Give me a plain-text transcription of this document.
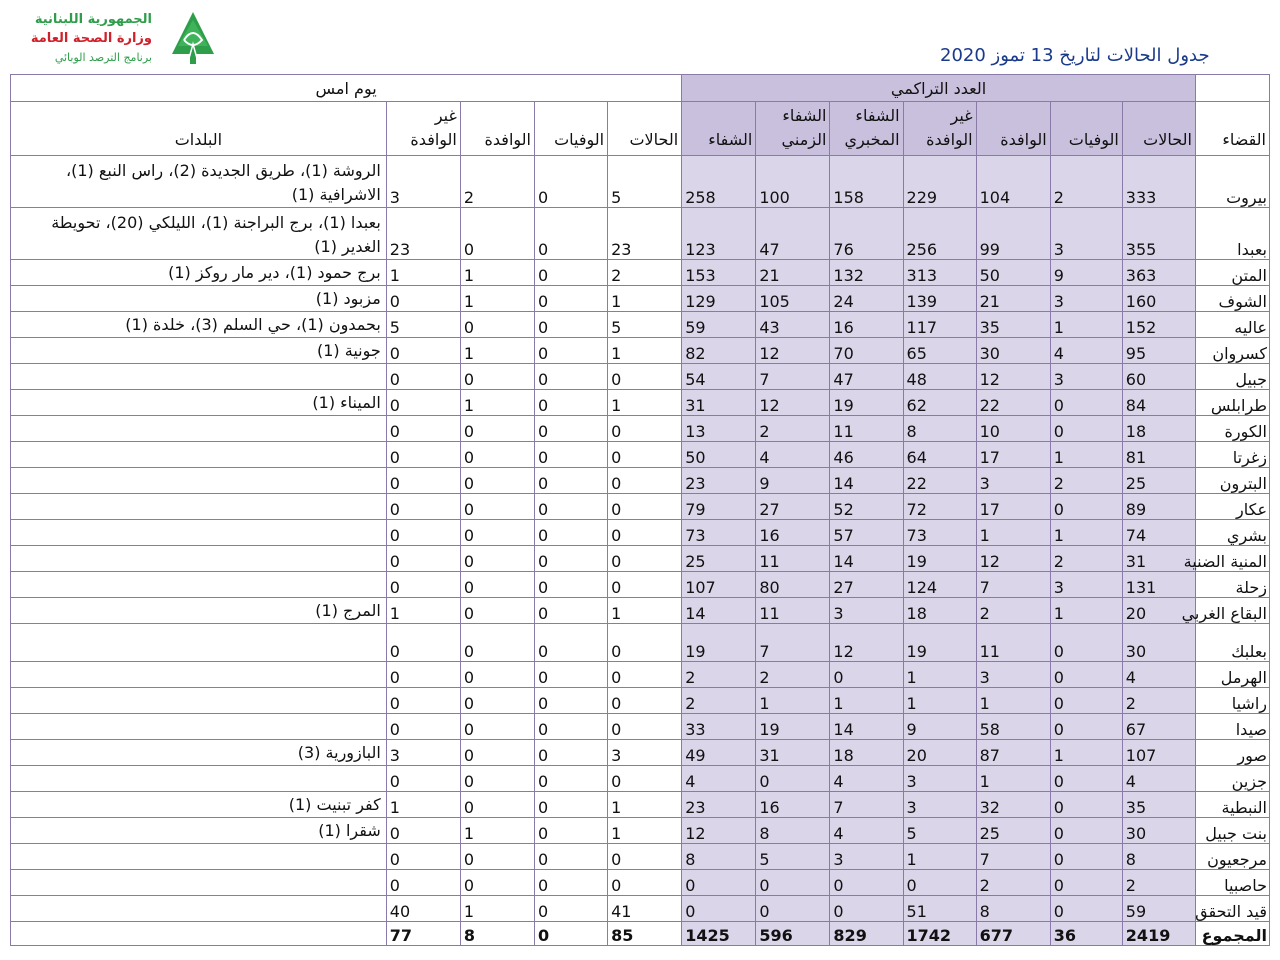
الجمهورية اللبنانية
وزارة الصحة العامة
برنامج الترصد الوبائي	جدول الحالات لتاريخ 13 تموز 2020
	العدد التراكمي							يوم امس				
القضاء	الحالات	الوفيات	الوافدة	غير الوافدة	الشفاء المخبري	الشفاء الزمني	الشفاء	الحالات	الوفيات	الوافدة	غير الوافدة	البلدات
بيروت	333	2	104	229	158	100	258	5	0	2	3	الروشة (1)، طريق الجديدة (2)، راس النبع (1)، الاشرافية (1)
بعبدا	355	3	99	256	76	47	123	23	0	0	23	بعبدا (1)، برج البراجنة (1)، الليلكي (20)، تحويطة الغدير (1)
المتن	363	9	50	313	132	21	153	2	0	1	1	برج حمود (1)، دير مار روكز (1)
الشوف	160	3	21	139	24	105	129	1	0	1	0	مزبود (1)
عاليه	152	1	35	117	16	43	59	5	0	0	5	بحمدون (1)، حي السلم (3)، خلدة (1)
كسروان	95	4	30	65	70	12	82	1	0	1	0	جونية (1)
جبيل	60	3	12	48	47	7	54	0	0	0	0	
طرابلس	84	0	22	62	19	12	31	1	0	1	0	الميناء (1)
الكورة	18	0	10	8	11	2	13	0	0	0	0	
زغرتا	81	1	17	64	46	4	50	0	0	0	0	
البترون	25	2	3	22	14	9	23	0	0	0	0	
عكار	89	0	17	72	52	27	79	0	0	0	0	
بشري	74	1	1	73	57	16	73	0	0	0	0	
المنية الضنية	31	2	12	19	14	11	25	0	0	0	0	
زحلة	131	3	7	124	27	80	107	0	0	0	0	
البقاع الغربي	20	1	2	18	3	11	14	1	0	0	1	المرج (1)
بعلبك	30	0	11	19	12	7	19	0	0	0	0	
الهرمل	4	0	3	1	0	2	2	0	0	0	0	
راشيا	2	0	1	1	1	1	2	0	0	0	0	
صيدا	67	0	58	9	14	19	33	0	0	0	0	
صور	107	1	87	20	18	31	49	3	0	0	3	البازورية (3)
جزين	4	0	1	3	4	0	4	0	0	0	0	
النبطية	35	0	32	3	7	16	23	1	0	0	1	كفر تبنيت (1)
بنت جبيل	30	0	25	5	4	8	12	1	0	1	0	شقرا (1)
مرجعيون	8	0	7	1	3	5	8	0	0	0	0	
حاصبيا	2	0	2	0	0	0	0	0	0	0	0	
قيد التحقق	59	0	8	51	0	0	0	41	0	1	40	
المجموع	2419	36	677	1742	829	596	1425	85	0	8	77	
